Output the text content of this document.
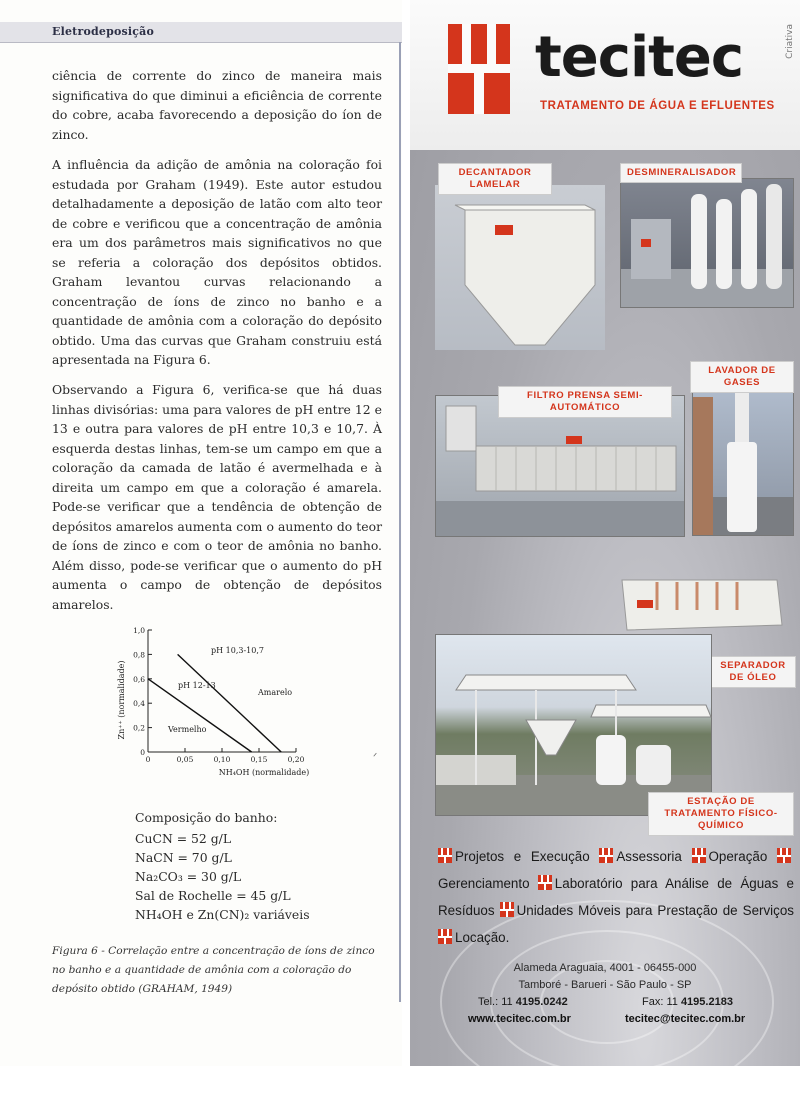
Eletrodeposição

ciência de corrente do zinco de maneira mais significativa do que diminui a eficiência de corrente do cobre, acaba favorecendo a deposição do íon de zinco.

A influência da adição de amônia na coloração foi estudada por Graham (1949). Este autor estudou detalhadamente a deposição de latão com alto teor de cobre e verificou que a concentração de amônia era um dos parâmetros mais significativos no que se referia a coloração dos depósitos obtidos. Graham levantou curvas relacionando a concentração de íons de zinco no banho e a quantidade de amônia com a coloração do depósito obtido. Uma das curvas que Graham construiu está apresentada na Figura 6.

Observando a Figura 6, verifica-se que há duas linhas divisórias: uma para valores de pH entre 12 e 13 e outra para valores de pH entre 10,3 e 10,7. À esquerda destas linhas, tem-se um campo em que a coloração da camada de latão é avermelhada e à direita um campo em que a coloração é amarela. Pode-se verificar que a tendência de obtenção de depósitos amarelos aumenta com o aumento do teor de íons de zinco e com o teor de amônia no banho. Além disso, pode-se verificar que o aumento do pH aumenta o campo de obtenção de depósitos amarelos.

Zn⁺⁺ (normalidade)
NH₄OH (normalidade)
0
0,2
0,4
0,6
0,8
1,0
0	0,05	0,10	0,15	0,20
pH 12-13
pH 10,3-10,7
Amarelo
Vermelho
ᐟ
Composição do banho:
CuCN = 52 g/L
NaCN = 70 g/L
Na₂CO₃ = 30 g/L
Sal de Rochelle = 45 g/L
NH₄OH e Zn(CN)₂ variáveis

Figura 6 - Correlação entre a concentração de íons de zinco no banho e a quantidade de amônia com a coloração do depósito obtido (GRAHAM, 1949)

tecitec
TRATAMENTO DE ÁGUA E EFLUENTES
Criativa
DECANTADOR LAMELAR
DESMINERALISADOR
LAVADOR DE GASES
FILTRO PRENSA SEMI-AUTOMÁTICO
SEPARADOR DE ÓLEO
ESTAÇÃO DE TRATAMENTO FÍSICO-QUÍMICO
Projetos e Execução Assessoria Operação Gerenciamento Laboratório para Análise de Águas e Resíduos Unidades Móveis para Prestação de Serviços Locação.
Alameda Araguaia, 4001 - 06455-000
Tamboré - Barueri - São Paulo - SP
Tel.: 11 4195.0242	Fax: 11 4195.2183
www.tecitec.com.br	tecitec@tecitec.com.br
